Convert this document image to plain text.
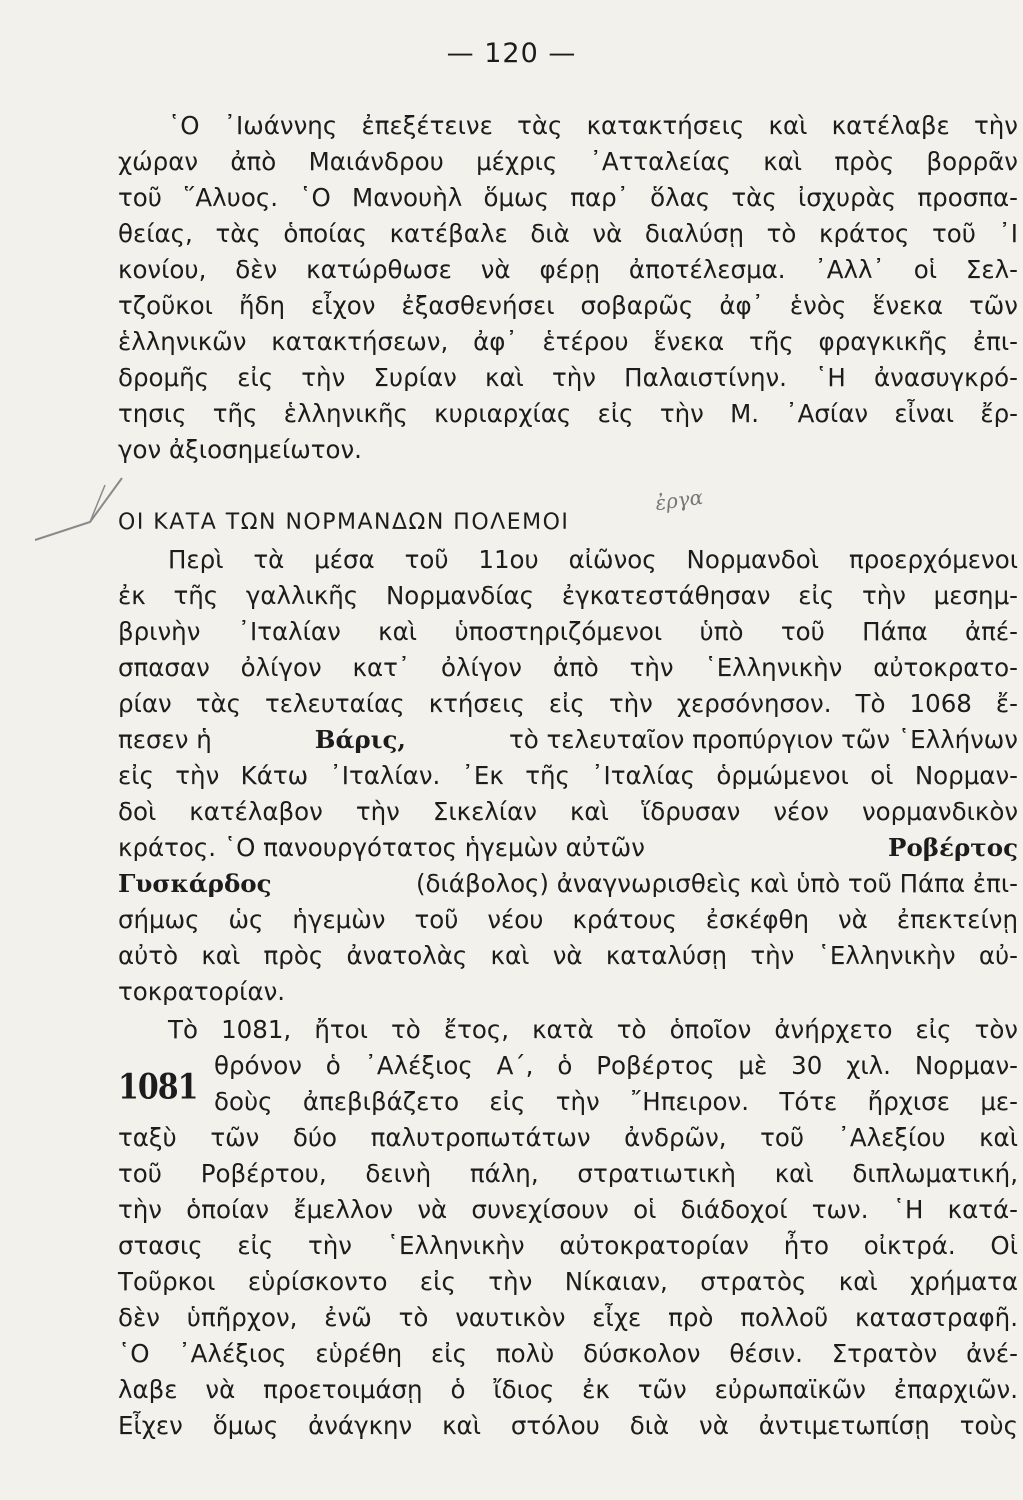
— 120 —
῾Ο ᾿Ιωάννης ἐπεξέτεινε τὰς κατακτήσεις καὶ κατέλαβε τὴν
χώραν ἀπὸ Μαιάνδρου μέχρις ᾿Ατταλείας καὶ πρὸς βορρᾶν
τοῦ ῞Αλυος. ῾Ο Μανουὴλ ὅμως παρ᾿ ὅλας τὰς ἰσχυρὰς προσπα-
θείας, τὰς ὁποίας κατέβαλε διὰ νὰ διαλύσῃ τὸ κράτος τοῦ ᾿Ι
κονίου, δὲν κατώρθωσε νὰ φέρῃ ἀποτέλεσμα. ᾿Αλλ᾿ οἱ Σελ-
τζοῦκοι ἤδη εἶχον ἐξασθενήσει σοβαρῶς ἀφ᾿ ἑνὸς ἕνεκα τῶν
ἑλληνικῶν κατακτήσεων, ἀφ᾿ ἑτέρου ἕνεκα τῆς φραγκικῆς ἐπι-
δρομῆς εἰς τὴν Συρίαν καὶ τὴν Παλαιστίνην. ῾Η ἀνασυγκρό-
τησις τῆς ἑλληνικῆς κυριαρχίας εἰς τὴν Μ. ᾿Ασίαν εἶναι ἔρ-
γον ἀξιοσημείωτον.
ΟΙ ΚΑΤΑ ΤΩΝ ΝΟΡΜΑΝΔΩΝ ΠΟΛΕΜΟΙ
ἐργα
Περὶ τὰ μέσα τοῦ 11ου αἰῶνος Νορμανδοὶ προερχόμενοι
ἐκ τῆς γαλλικῆς Νορμανδίας ἐγκατεστάθησαν εἰς τὴν μεσημ-
βρινὴν ᾿Ιταλίαν καὶ ὑποστηριζόμενοι ὑπὸ τοῦ Πάπα ἀπέ-
σπασαν ὀλίγον κατ᾿ ὀλίγον ἀπὸ τὴν ῾Ελληνικὴν αὐτοκρατο-
ρίαν τὰς τελευταίας κτήσεις εἰς τὴν χερσόνησον. Τὸ 1068 ἔ-
πεσεν ἡ	Βάρις,	τὸ τελευταῖον προπύργιον τῶν ῾Ελλήνων
εἰς τὴν Κάτω ᾿Ιταλίαν. ᾿Εκ τῆς ᾿Ιταλίας ὁρμώμενοι οἱ Νορμαν-
δοὶ κατέλαβον τὴν Σικελίαν καὶ ἵδρυσαν νέον νορμανδικὸν
κράτος. ῾Ο πανουργότατος ἡγεμὼν αὐτῶν	Ροβέρτος
Γυσκάρδος	(διάβολος) ἀναγνωρισθεὶς καὶ ὑπὸ τοῦ Πάπα ἐπι-
σήμως ὡς ἡγεμὼν τοῦ νέου κράτους ἐσκέφθη νὰ ἐπεκτείνῃ
αὐτὸ καὶ πρὸς ἀνατολὰς καὶ νὰ καταλύσῃ τὴν ῾Ελληνικὴν αὐ-
τοκρατορίαν.
1081
Τὸ 1081, ἤτοι τὸ ἔτος, κατὰ τὸ ὁποῖον ἀνήρχετο εἰς τὸν
θρόνον ὁ ᾿Αλέξιος Α΄, ὁ Ροβέρτος μὲ 30 χιλ. Νορμαν-
δοὺς ἀπεβιβάζετο εἰς τὴν ῎Ηπειρον. Τότε ἤρχισε με-
ταξὺ τῶν δύο παλυτροπωτάτων ἀνδρῶν, τοῦ ᾿Αλεξίου καὶ
τοῦ Ροβέρτου, δεινὴ πάλη, στρατιωτικὴ καὶ διπλωματική,
τὴν ὁποίαν ἔμελλον νὰ συνεχίσουν οἱ διάδοχοί των. ῾Η κατά-
στασις εἰς τὴν ῾Ελληνικὴν αὐτοκρατορίαν ἦτο οἰκτρά. Οἱ
Τοῦρκοι εὑρίσκοντο εἰς τὴν Νίκαιαν, στρατὸς καὶ χρήματα
δὲν ὑπῆρχον, ἐνῶ τὸ ναυτικὸν εἶχε πρὸ πολλοῦ καταστραφῆ.
῾Ο ᾿Αλέξιος εὑρέθη εἰς πολὺ δύσκολον θέσιν. Στρατὸν ἀνέ-
λαβε νὰ προετοιμάσῃ ὁ ἴδιος ἐκ τῶν εὐρωπαϊκῶν ἐπαρχιῶν.
Εἶχεν ὅμως ἀνάγκην καὶ στόλου διὰ νὰ ἀντιμετωπίσῃ τοὺς
